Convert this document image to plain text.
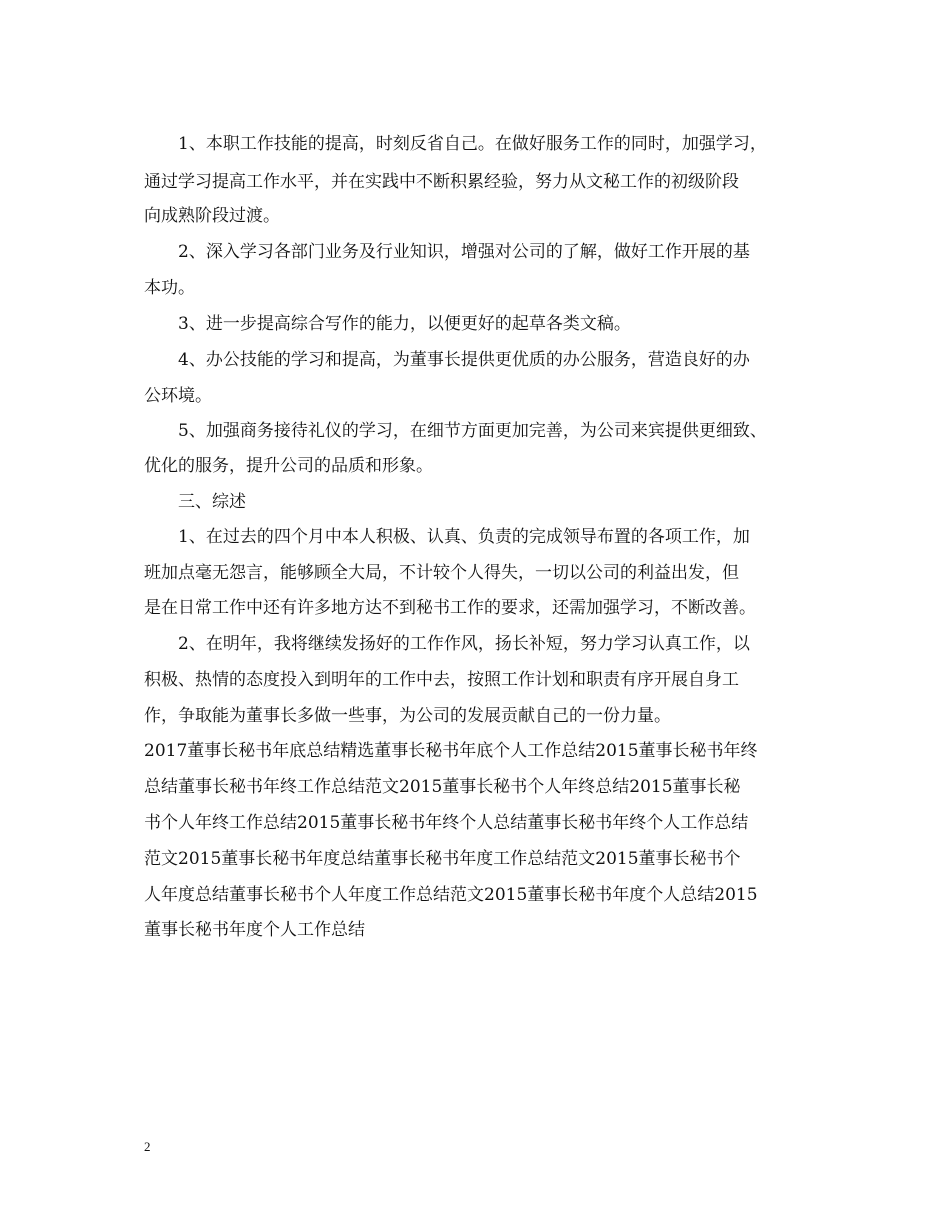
1、本职工作技能的提高，时刻反省自己。在做好服务工作的同时，加强学习，
通过学习提高工作水平，并在实践中不断积累经验，努力从文秘工作的初级阶段
向成熟阶段过渡。
2、深入学习各部门业务及行业知识，增强对公司的了解，做好工作开展的基
本功。
3、进一步提高综合写作的能力，以便更好的起草各类文稿。
4、办公技能的学习和提高，为董事长提供更优质的办公服务，营造良好的办
公环境。
5、加强商务接待礼仪的学习，在细节方面更加完善，为公司来宾提供更细致、
优化的服务，提升公司的品质和形象。
三、综述
1、在过去的四个月中本人积极、认真、负责的完成领导布置的各项工作，加
班加点毫无怨言，能够顾全大局，不计较个人得失，一切以公司的利益出发，但
是在日常工作中还有许多地方达不到秘书工作的要求，还需加强学习，不断改善。
2、在明年，我将继续发扬好的工作作风，扬长补短，努力学习认真工作，以
积极、热情的态度投入到明年的工作中去，按照工作计划和职责有序开展自身工
作，争取能为董事长多做一些事，为公司的发展贡献自己的一份力量。
2017董事长秘书年底总结精选董事长秘书年底个人工作总结2015董事长秘书年终
总结董事长秘书年终工作总结范文2015董事长秘书个人年终总结2015董事长秘
书个人年终工作总结2015董事长秘书年终个人总结董事长秘书年终个人工作总结
范文2015董事长秘书年度总结董事长秘书年度工作总结范文2015董事长秘书个
人年度总结董事长秘书个人年度工作总结范文2015董事长秘书年度个人总结2015
董事长秘书年度个人工作总结
2
